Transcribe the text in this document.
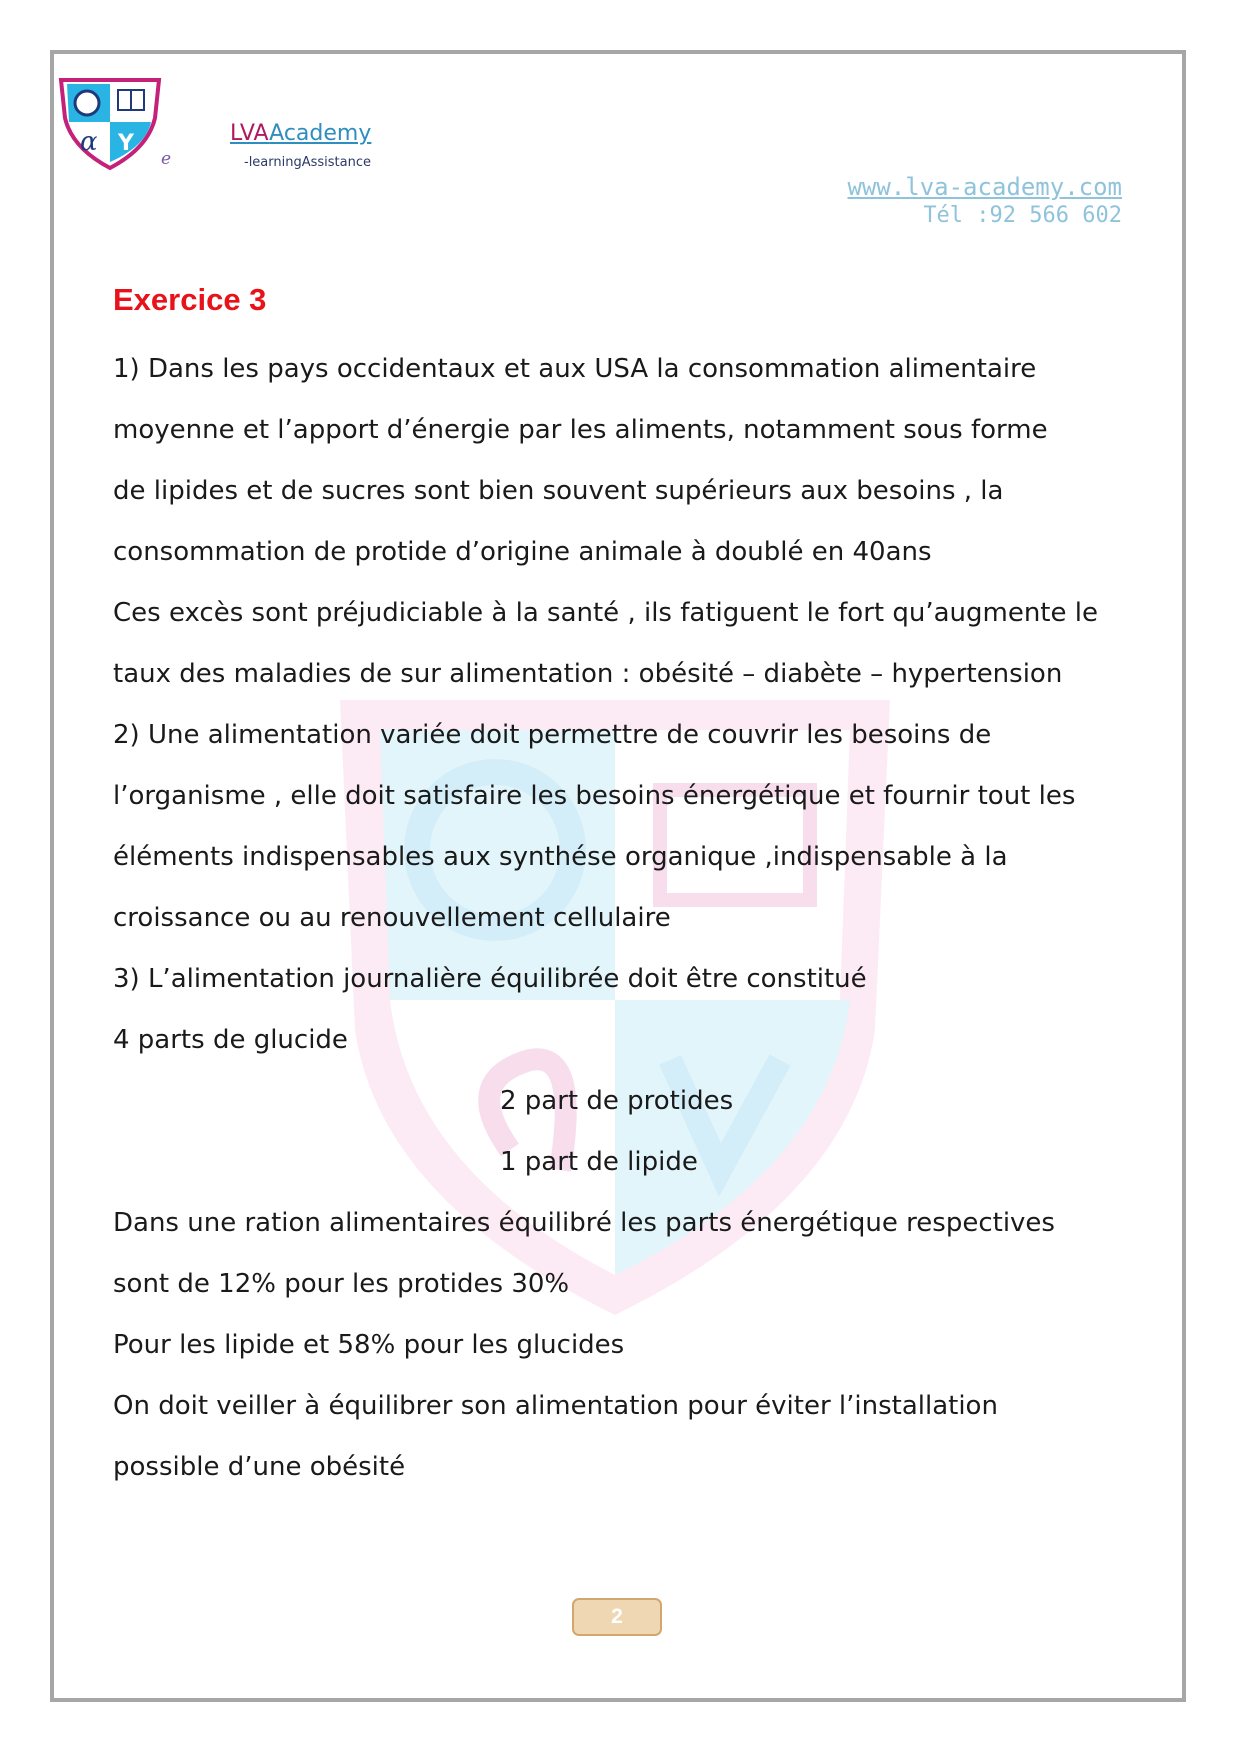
α Y
e
LVAAcademy
-learningAssistance
www.lva-academy.com
Tél :92 566 602
Exercice 3
1) Dans les pays occidentaux et aux USA la consommation alimentaire
moyenne et l’apport d’énergie par les aliments, notamment sous forme
de lipides et de sucres sont bien souvent supérieurs aux besoins , la
consommation de protide d’origine animale à doublé en 40ans
Ces excès sont préjudiciable à la santé , ils fatiguent le fort qu’augmente le
taux des maladies de sur alimentation : obésité – diabète – hypertension
2) Une alimentation variée doit permettre de couvrir les besoins de
l’organisme , elle doit satisfaire les besoins énergétique et fournir tout les
éléments indispensables aux synthése organique ,indispensable à la
croissance ou au renouvellement cellulaire
3) L’alimentation journalière équilibrée doit être constitué
4 parts de glucide
2 part de protides
1 part de lipide
Dans une ration alimentaires équilibré les parts énergétique respectives
sont de 12% pour les protides 30%
Pour les lipide et 58% pour les glucides
On doit veiller à équilibrer son alimentation pour éviter l’installation
possible d’une obésité
2
